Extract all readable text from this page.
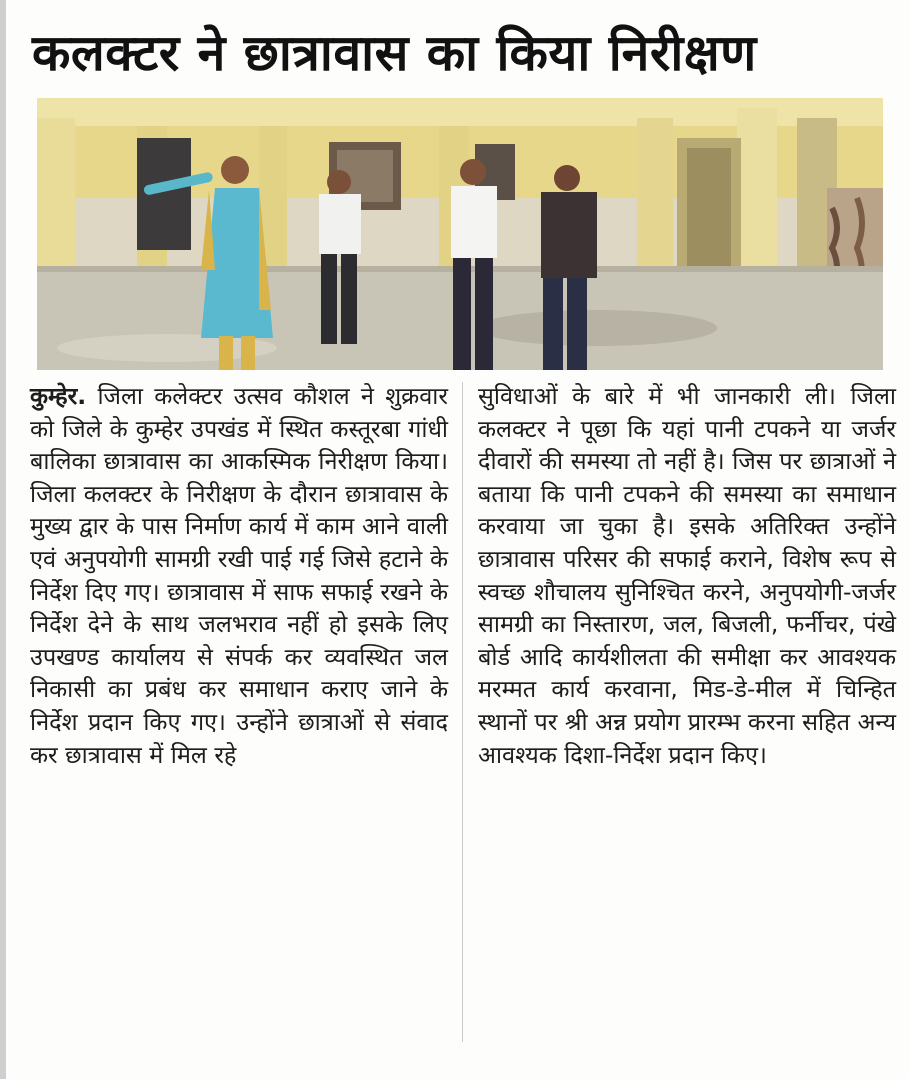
कलक्टर ने छात्रावास का किया निरीक्षण
कुम्हेर. जिला कलेक्टर उत्सव कौशल ने शुक्रवार को जिले के कुम्हेर उपखंड में स्थित कस्तूरबा गांधी बालिका छात्रावास का आकस्मिक निरीक्षण किया। जिला कलक्टर के निरीक्षण के दौरान छात्रावास के मुख्य द्वार के पास निर्माण कार्य में काम आने वाली एवं अनुपयोगी सामग्री रखी पाई गई जिसे हटाने के निर्देश दिए गए। छात्रावास में साफ सफाई रखने के निर्देश देने के साथ जलभराव नहीं हो इसके लिए उपखण्ड कार्यालय से संपर्क कर व्यवस्थित जल निकासी का प्रबंध कर समाधान कराए जाने के निर्देश प्रदान किए गए। उन्होंने छात्राओं से संवाद कर छात्रावास में मिल रहे
सुविधाओं के बारे में भी जानकारी ली। जिला कलक्टर ने पूछा कि यहां पानी टपकने या जर्जर दीवारों की समस्या तो नहीं है। जिस पर छात्राओं ने बताया कि पानी टपकने की समस्या का समाधान करवाया जा चुका है। इसके अतिरिक्त उन्होंने छात्रावास परिसर की सफाई कराने, विशेष रूप से स्वच्छ शौचालय सुनिश्चित करने, अनुपयोगी-जर्जर सामग्री का निस्तारण, जल, बिजली, फर्नीचर, पंखे बोर्ड आदि कार्यशीलता की समीक्षा कर आवश्यक मरम्मत कार्य करवाना, मिड-डे-मील में चिन्हित स्थानों पर श्री अन्न प्रयोग प्रारम्भ करना सहित अन्य आवश्यक दिशा-निर्देश प्रदान किए।
